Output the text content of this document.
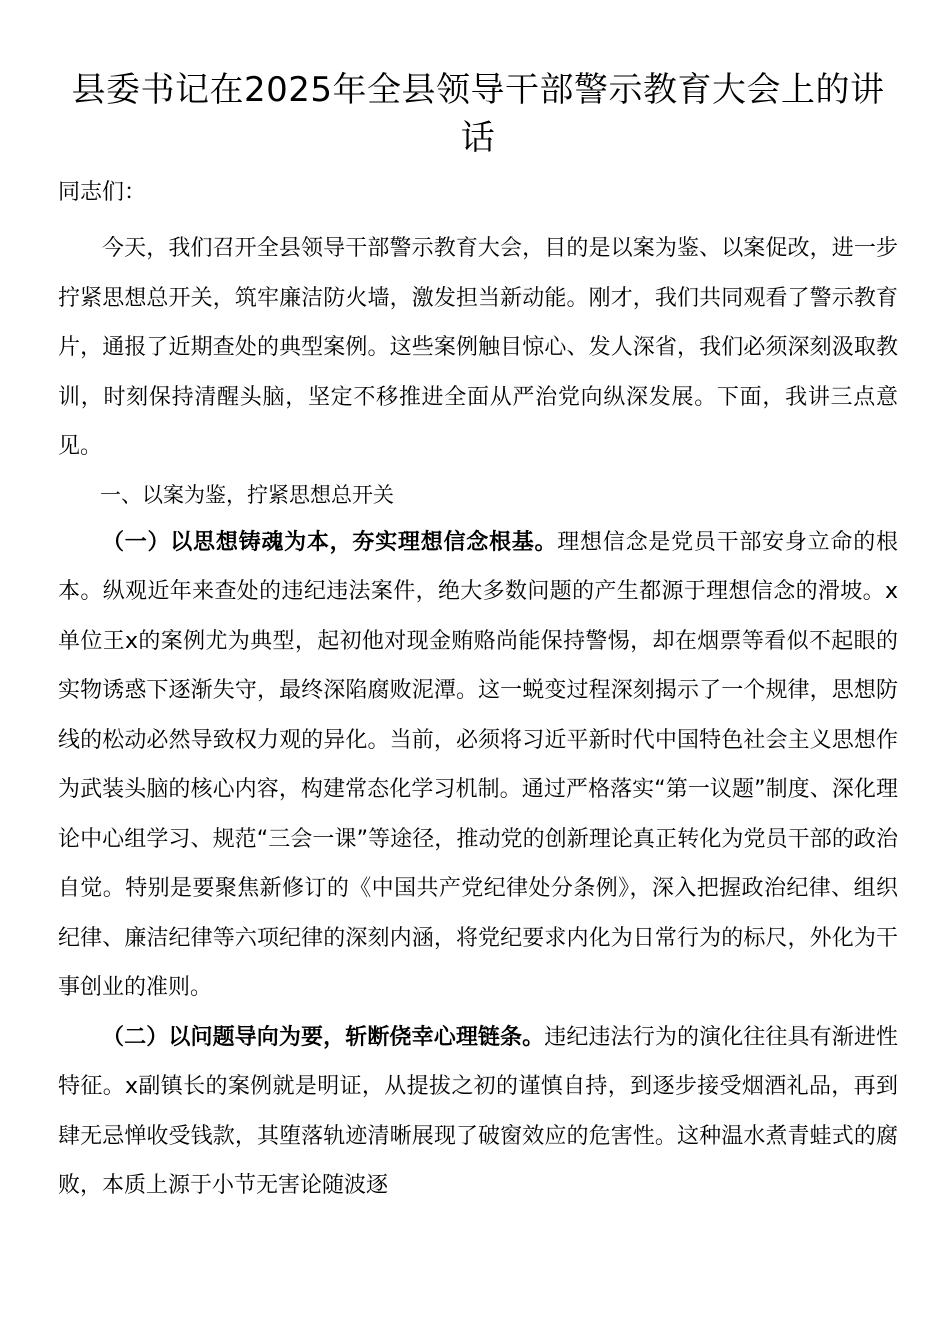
县委书记在2025年全县领导干部警示教育大会上的讲话

同志们：

今天，我们召开全县领导干部警示教育大会，目的是以案为鉴、以案促改，进一步拧紧思想总开关，筑牢廉洁防火墙，激发担当新动能。刚才，我们共同观看了警示教育片，通报了近期查处的典型案例。这些案例触目惊心、发人深省，我们必须深刻汲取教训，时刻保持清醒头脑，坚定不移推进全面从严治党向纵深发展。下面，我讲三点意见。

一、以案为鉴，拧紧思想总开关

（一）以思想铸魂为本，夯实理想信念根基。理想信念是党员干部安身立命的根本。纵观近年来查处的违纪违法案件，绝大多数问题的产生都源于理想信念的滑坡。x单位王x的案例尤为典型，起初他对现金贿赂尚能保持警惕，却在烟票等看似不起眼的实物诱惑下逐渐失守，最终深陷腐败泥潭。这一蜕变过程深刻揭示了一个规律，思想防线的松动必然导致权力观的异化。当前，必须将习近平新时代中国特色社会主义思想作为武装头脑的核心内容，构建常态化学习机制。通过严格落实“第一议题”制度、深化理论中心组学习、规范“三会一课”等途径，推动党的创新理论真正转化为党员干部的政治自觉。特别是要聚焦新修订的《中国共产党纪律处分条例》，深入把握政治纪律、组织纪律、廉洁纪律等六项纪律的深刻内涵，将党纪要求内化为日常行为的标尺，外化为干事创业的准则。

（二）以问题导向为要，斩断侥幸心理链条。违纪违法行为的演化往往具有渐进性特征。x副镇长的案例就是明证，从提拔之初的谨慎自持，到逐步接受烟酒礼品，再到肆无忌惮收受钱款，其堕落轨迹清晰展现了破窗效应的危害性。这种温水煮青蛙式的腐败，本质上源于小节无害论随波逐
